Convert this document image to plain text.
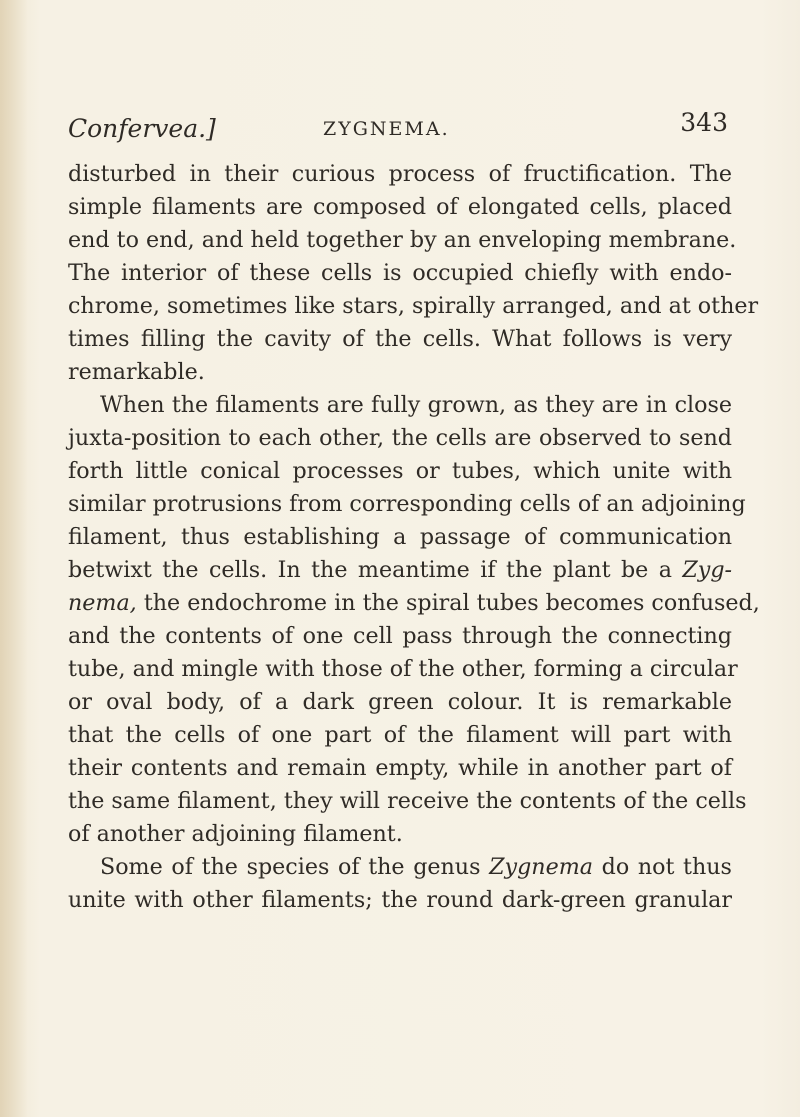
Confervea.]	ZYGNEMA.	343

disturbed in their curious process of fructification. The
simple filaments are composed of elongated cells, placed
end to end, and held together by an enveloping membrane.
The interior of these cells is occupied chiefly with endo-
chrome, sometimes like stars, spirally arranged, and at other
times filling the cavity of the cells. What follows is very
remarkable.

When the filaments are fully grown, as they are in close
juxta-position to each other, the cells are observed to send
forth little conical processes or tubes, which unite with
similar protrusions from corresponding cells of an adjoining
filament, thus establishing a passage of communication
betwixt the cells. In the meantime if the plant be a Zyg-
nema, the endochrome in the spiral tubes becomes confused,
and the contents of one cell pass through the connecting
tube, and mingle with those of the other, forming a circular
or oval body, of a dark green colour. It is remarkable
that the cells of one part of the filament will part with
their contents and remain empty, while in another part of
the same filament, they will receive the contents of the cells
of another adjoining filament.

Some of the species of the genus Zygnema do not thus
unite with other filaments; the round dark-green granular
